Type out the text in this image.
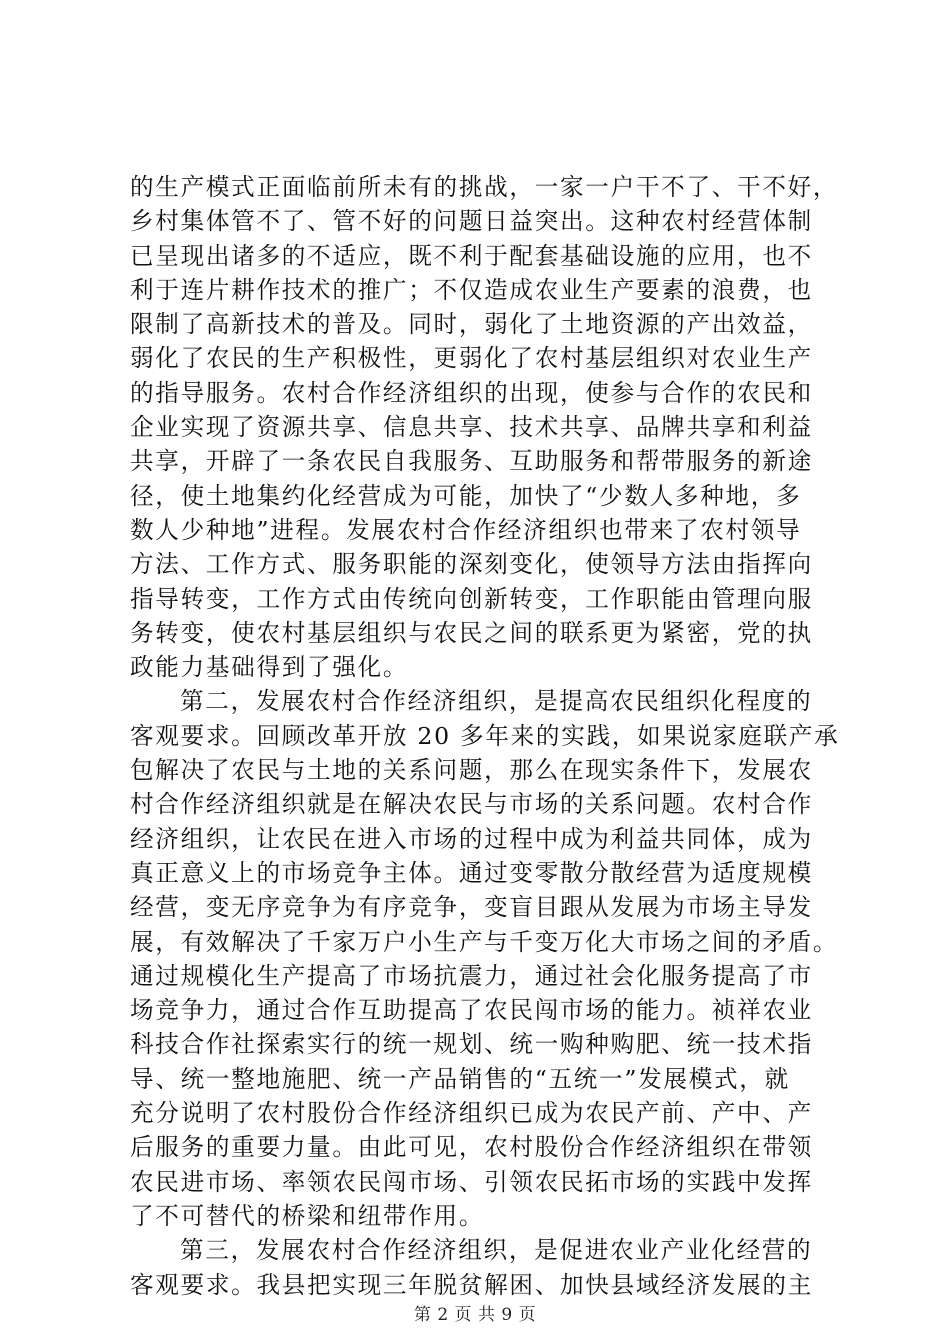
的生产模式正面临前所未有的挑战，一家一户干不了、干不好，
乡村集体管不了、管不好的问题日益突出。这种农村经营体制
已呈现出诸多的不适应，既不利于配套基础设施的应用，也不
利于连片耕作技术的推广；不仅造成农业生产要素的浪费，也
限制了高新技术的普及。同时，弱化了土地资源的产出效益，
弱化了农民的生产积极性，更弱化了农村基层组织对农业生产
的指导服务。农村合作经济组织的出现，使参与合作的农民和
企业实现了资源共享、信息共享、技术共享、品牌共享和利益
共享，开辟了一条农民自我服务、互助服务和帮带服务的新途
径，使土地集约化经营成为可能，加快了“少数人多种地，多
数人少种地”进程。发展农村合作经济组织也带来了农村领导
方法、工作方式、服务职能的深刻变化，使领导方法由指挥向
指导转变，工作方式由传统向创新转变，工作职能由管理向服
务转变，使农村基层组织与农民之间的联系更为紧密，党的执
政能力基础得到了强化。
第二，发展农村合作经济组织，是提高农民组织化程度的
客观要求。回顾改革开放 20 多年来的实践，如果说家庭联产承
包解决了农民与土地的关系问题，那么在现实条件下，发展农
村合作经济组织就是在解决农民与市场的关系问题。农村合作
经济组织，让农民在进入市场的过程中成为利益共同体，成为
真正意义上的市场竞争主体。通过变零散分散经营为适度规模
经营，变无序竞争为有序竞争，变盲目跟从发展为市场主导发
展，有效解决了千家万户小生产与千变万化大市场之间的矛盾。
通过规模化生产提高了市场抗震力，通过社会化服务提高了市
场竞争力，通过合作互助提高了农民闯市场的能力。祯祥农业
科技合作社探索实行的统一规划、统一购种购肥、统一技术指
导、统一整地施肥、统一产品销售的“五统一”发展模式，就
充分说明了农村股份合作经济组织已成为农民产前、产中、产
后服务的重要力量。由此可见，农村股份合作经济组织在带领
农民进市场、率领农民闯市场、引领农民拓市场的实践中发挥
了不可替代的桥梁和纽带作用。
第三，发展农村合作经济组织，是促进农业产业化经营的
客观要求。我县把实现三年脱贫解困、加快县域经济发展的主
第 2 页 共 9 页
